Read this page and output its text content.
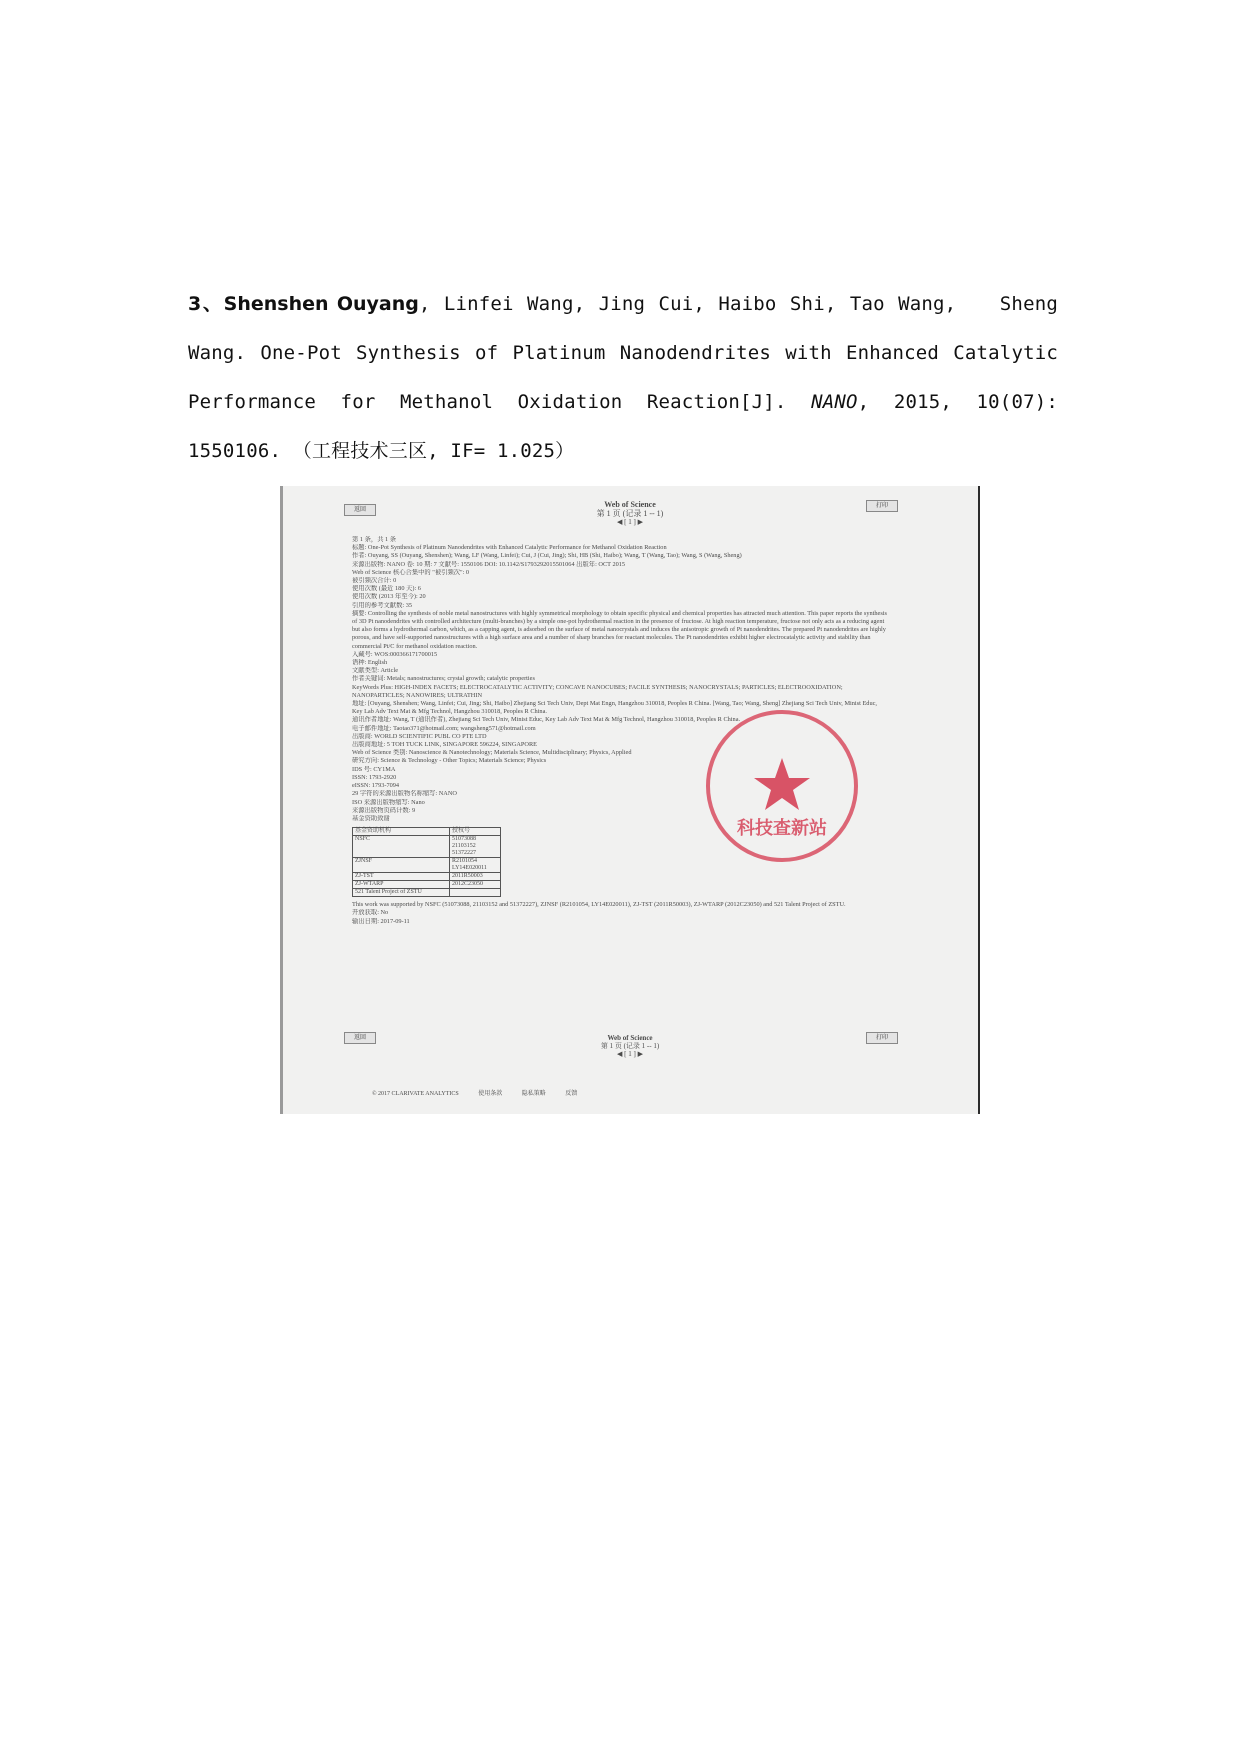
3、Shenshen Ouyang, Linfei Wang, Jing Cui, Haibo Shi, Tao Wang,　　Sheng Wang. One-Pot Synthesis of Platinum Nanodendrites with Enhanced Catalytic Performance for Methanol Oxidation Reaction[J]. NANO, 2015, 10(07): 1550106. （工程技术三区, IF= 1.025）
返回
打印
Web of Science
第 1 页 (记录 1 -- 1)
◀ [ 1 ] ▶
第 1 条，共 1 条
标题: One-Pot Synthesis of Platinum Nanodendrites with Enhanced Catalytic Performance for Methanol Oxidation Reaction
作者: Ouyang, SS (Ouyang, Shenshen); Wang, LF (Wang, Linfei); Cui, J (Cui, Jing); Shi, HB (Shi, Haibo); Wang, T (Wang, Tao); Wang, S (Wang, Sheng)
来源出版物: NANO 卷: 10 期: 7 文献号: 1550106 DOI: 10.1142/S1793292015501064 出版年: OCT 2015
Web of Science 核心合集中的 "被引频次": 0
被引频次合计: 0
使用次数 (最近 180 天): 6
使用次数 (2013 年至今): 20
引用的参考文献数: 35
摘要: Controlling the synthesis of noble metal nanostructures with highly symmetrical morphology to obtain specific physical and chemical properties has attracted much attention. This paper reports the synthesis of 3D Pt nanodendrites with controlled architecture (multi-branches) by a simple one-pot hydrothermal reaction in the presence of fructose. At high reaction temperature, fructose not only acts as a reducing agent but also forms a hydrothermal carbon, which, as a capping agent, is adsorbed on the surface of metal nanocrystals and induces the anisotropic growth of Pt nanodendrites. The prepared Pt nanodendrites are highly porous, and have self-supported nanostructures with a high surface area and a number of sharp branches for reactant molecules. The Pt nanodendrites exhibit higher electrocatalytic activity and stability than commercial Pt/C for methanol oxidation reaction.
入藏号: WOS:000366171700015
语种: English
文献类型: Article
作者关键词: Metals; nanostructures; crystal growth; catalytic properties
KeyWords Plus: HIGH-INDEX FACETS; ELECTROCATALYTIC ACTIVITY; CONCAVE NANOCUBES; FACILE SYNTHESIS; NANOCRYSTALS; PARTICLES; ELECTROOXIDATION; NANOPARTICLES; NANOWIRES; ULTRATHIN
地址: [Ouyang, Shenshen; Wang, Linfei; Cui, Jing; Shi, Haibo] Zhejiang Sci Tech Univ, Dept Mat Engn, Hangzhou 310018, Peoples R China. [Wang, Tao; Wang, Sheng] Zhejiang Sci Tech Univ, Minist Educ, Key Lab Adv Text Mat & Mfg Technol, Hangzhou 310018, Peoples R China.
通讯作者地址: Wang, T (通讯作者), Zhejiang Sci Tech Univ, Minist Educ, Key Lab Adv Text Mat & Mfg Technol, Hangzhou 310018, Peoples R China.
电子邮件地址: Taotao371@hotmail.com; wangsheng571@hotmail.com
出版商: WORLD SCIENTIFIC PUBL CO PTE LTD
出版商地址: 5 TOH TUCK LINK, SINGAPORE 596224, SINGAPORE
Web of Science 类别: Nanoscience & Nanotechnology; Materials Science, Multidisciplinary; Physics, Applied
研究方向: Science & Technology - Other Topics; Materials Science; Physics
IDS 号: CY1MA
ISSN: 1793-2920
eISSN: 1793-7094
29 字符的来源出版物名称缩写: NANO
ISO 来源出版物缩写: Nano
来源出版物页码计数: 9
基金资助致谢
基金资助机构	授权号
NSFC	51073088 21103152 51372227
ZJNSF	R2101054 LY14E020011
ZJ-TST	2011R50003
ZJ-WTARP	2012C23050
521 Talent Project of ZSTU	
This work was supported by NSFC (51073088, 21103152 and 51372227), ZJNSF (R2101054, LY14E020011), ZJ-TST (2011R50003), ZJ-WTARP (2012C23050) and 521 Talent Project of ZSTU.
开放获取: No
输出日期: 2017-09-11
返回	打印
Web of Science
第 1 页 (记录 1 -- 1)
◀ [ 1 ] ▶
© 2017 CLARIVATE ANALYTICS	使用条款	隐私策略	反馈
科技查新站
